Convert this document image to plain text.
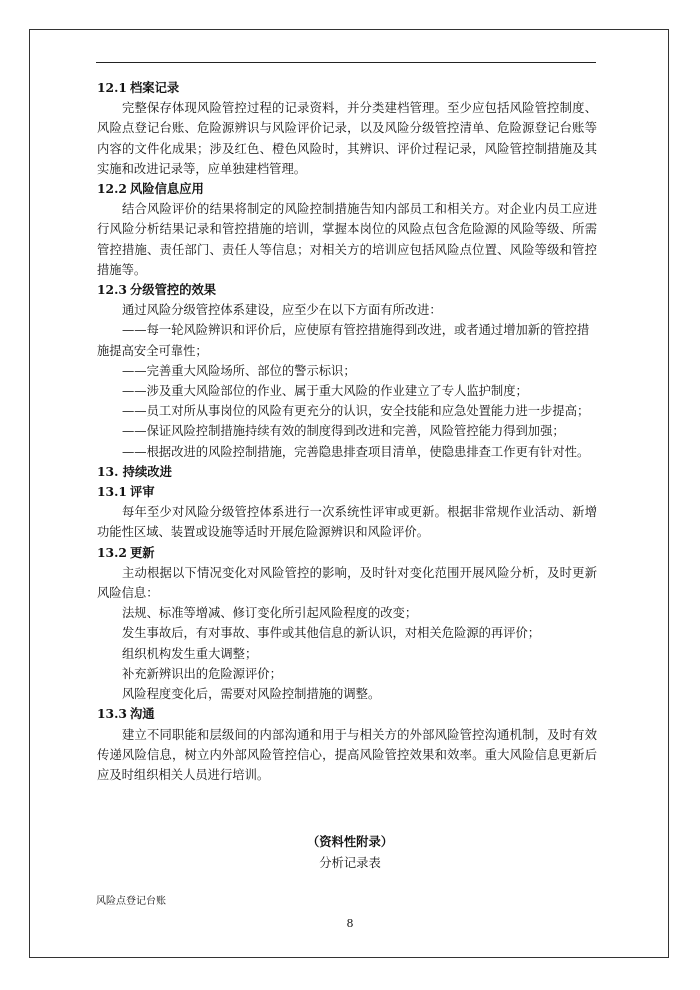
12.1 档案记录

完整保存体现风险管控过程的记录资料，并分类建档管理。至少应包括风险管控制度、风险点登记台账、危险源辨识与风险评价记录，以及风险分级管控清单、危险源登记台账等内容的文件化成果；涉及红色、橙色风险时，其辨识、评价过程记录，风险管控制措施及其实施和改进记录等，应单独建档管理。

12.2 风险信息应用

结合风险评价的结果将制定的风险控制措施告知内部员工和相关方。对企业内员工应进行风险分析结果记录和管控措施的培训，掌握本岗位的风险点包含危险源的风险等级、所需管控措施、责任部门、责任人等信息；对相关方的培训应包括风险点位置、风险等级和管控措施等。

12.3 分级管控的效果

通过风险分级管控体系建设，应至少在以下方面有所改进：

——每一轮风险辨识和评价后，应使原有管控措施得到改进，或者通过增加新的管控措

施提高安全可靠性；

——完善重大风险场所、部位的警示标识；

——涉及重大风险部位的作业、属于重大风险的作业建立了专人监护制度；

——员工对所从事岗位的风险有更充分的认识，安全技能和应急处置能力进一步提高；

——保证风险控制措施持续有效的制度得到改进和完善，风险管控能力得到加强；

——根据改进的风险控制措施，完善隐患排查项目清单，使隐患排查工作更有针对性。

13. 持续改进

13.1 评审

每年至少对风险分级管控体系进行一次系统性评审或更新。根据非常规作业活动、新增功能性区域、装置或设施等适时开展危险源辨识和风险评价。

13.2 更新

主动根据以下情况变化对风险管控的影响，及时针对变化范围开展风险分析，及时更新风险信息：

法规、标准等增减、修订变化所引起风险程度的改变；

发生事故后，有对事故、事件或其他信息的新认识，对相关危险源的再评价；

组织机构发生重大调整；

补充新辨识出的危险源评价；

风险程度变化后，需要对风险控制措施的调整。

13.3 沟通

建立不同职能和层级间的内部沟通和用于与相关方的外部风险管控沟通机制，及时有效传递风险信息，树立内外部风险管控信心，提高风险管控效果和效率。重大风险信息更新后应及时组织相关人员进行培训。

（资料性附录）
分析记录表
风险点登记台账
8
